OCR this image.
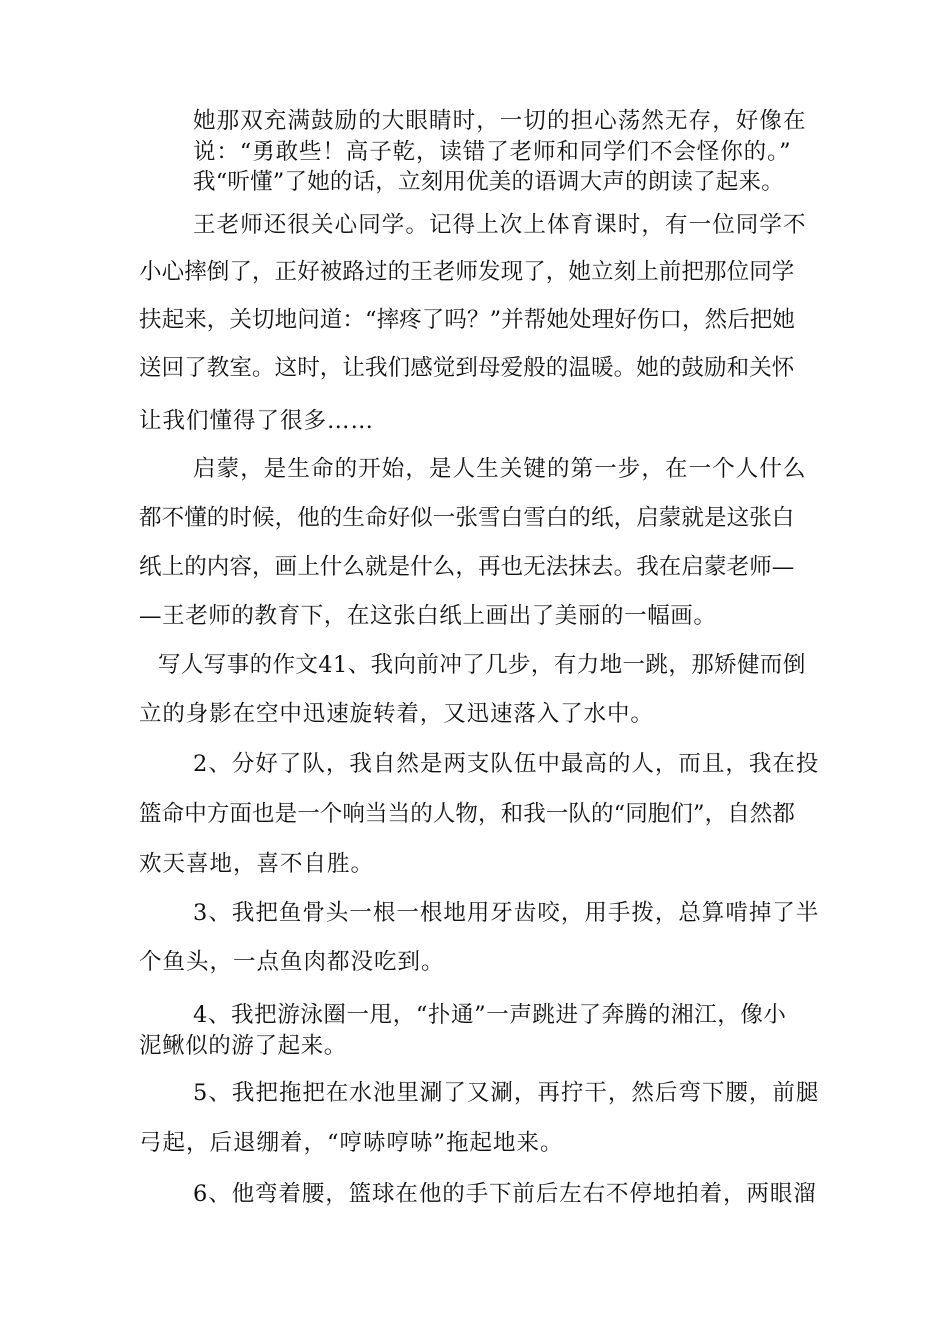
她那双充满鼓励的大眼睛时，一切的担心荡然无存，好像在
说：“勇敢些！高子乾，读错了老师和同学们不会怪你的。”
我“听懂”了她的话，立刻用优美的语调大声的朗读了起来。
王老师还很关心同学。记得上次上体育课时，有一位同学不
小心摔倒了，正好被路过的王老师发现了，她立刻上前把那位同学
扶起来，关切地问道：“摔疼了吗？”并帮她处理好伤口，然后把她
送回了教室。这时，让我们感觉到母爱般的温暖。她的鼓励和关怀
让我们懂得了很多……
启蒙，是生命的开始，是人生关键的第一步，在一个人什么
都不懂的时候，他的生命好似一张雪白雪白的纸，启蒙就是这张白
纸上的内容，画上什么就是什么，再也无法抹去。我在启蒙老师—
—王老师的教育下，在这张白纸上画出了美丽的一幅画。
写人写事的作文41、我向前冲了几步，有力地一跳，那矫健而倒
立的身影在空中迅速旋转着，又迅速落入了水中。
2、分好了队，我自然是两支队伍中最高的人，而且，我在投
篮命中方面也是一个响当当的人物，和我一队的“同胞们”，自然都
欢天喜地，喜不自胜。
3、我把鱼骨头一根一根地用牙齿咬，用手拨，总算啃掉了半
个鱼头，一点鱼肉都没吃到。
4、我把游泳圈一甩，“扑通”一声跳进了奔腾的湘江，像小
泥鳅似的游了起来。
5、我把拖把在水池里涮了又涮，再拧干，然后弯下腰，前腿
弓起，后退绷着，“哼哧哼哧”拖起地来。
6、他弯着腰，篮球在他的手下前后左右不停地拍着，两眼溜
